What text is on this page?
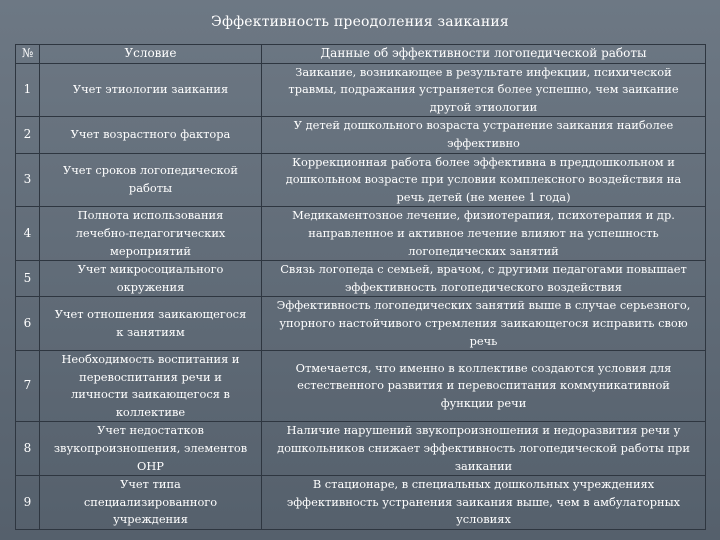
Эффективность преодоления заикания
№	Условие	Данные об эффективности логопедической работы
1	Учет этиологии заикания	Заикание, возникающее в результате инфекции, психической
травмы, подражания устраняется более успешно, чем заикание
другой этиологии

2	Учет возрастного фактора	У детей дошкольного возраста устранение заикания наиболее
эффективно

3	Учет сроков логопедической
работы	Коррекционная работа более эффективна в преддошкольном и
дошкольном возрасте при условии комплексного воздействия на
речь детей (не менее 1 года)

4	Полнота использования
лечебно-педагогических
мероприятий	Медикаментозное лечение, физиотерапия, психотерапия и др.
направленное и активное лечение влияют на успешность
логопедических занятий

5	Учет микросоциального
окружения	Связь логопеда с семьей, врачом, с другими педагогами повышает
эффективность логопедического воздействия

6	Учет отношения заикающегося
к занятиям	Эффективность логопедических занятий выше в случае серьезного,
упорного настойчивого стремления заикающегося исправить свою
речь

7	Необходимость воспитания и
перевоспитания речи и
личности заикающегося в
коллективе	Отмечается, что именно в коллективе создаются условия для
естественного развития и перевоспитания коммуникативной
функции речи

8	Учет недостатков
звукопроизношения, элементов
ОНР	Наличие нарушений звукопроизношения и недоразвития речи у
дошкольников снижает эффективность логопедической работы при
заикании

9	Учет типа
специализированного
учреждения	В стационаре, в специальных дошкольных учреждениях
эффективность устранения заикания выше, чем в амбулаторных
условиях
